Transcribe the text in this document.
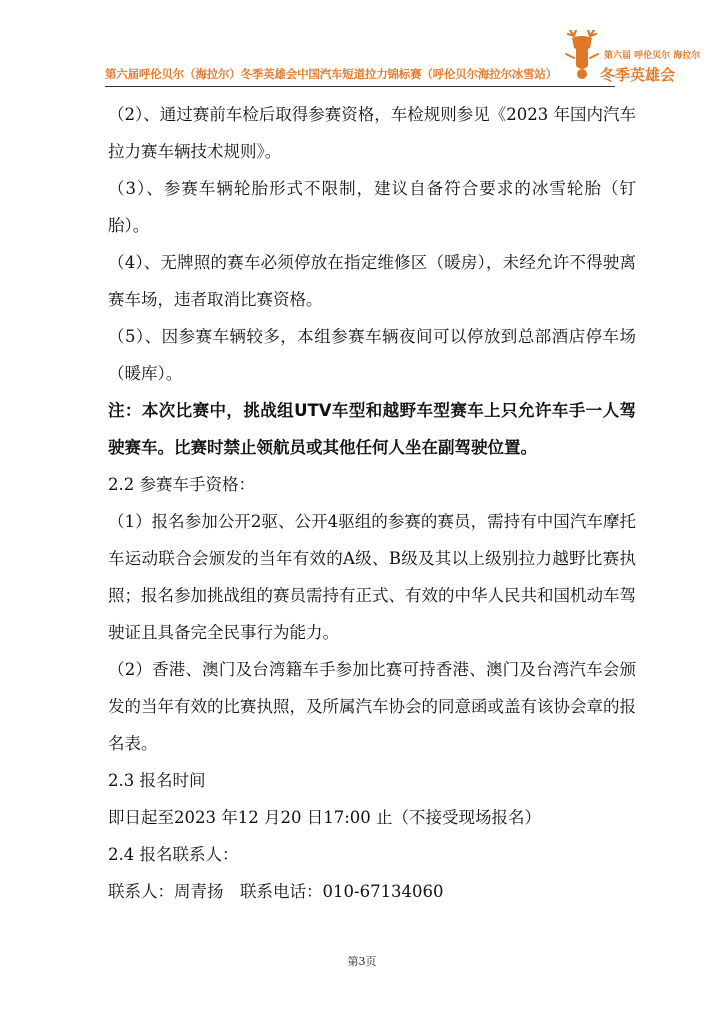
第六届呼伦贝尔（海拉尔）冬季英雄会中国汽车短道拉力锦标赛（呼伦贝尔海拉尔冰雪站）
第六届 呼伦贝尔 海拉尔
冬季英雄会

（2）、通过赛前车检后取得参赛资格，车检规则参见《2023 年国内汽车拉力赛车辆技术规则》。

（3）、参赛车辆轮胎形式不限制，建议自备符合要求的冰雪轮胎（钉胎）。

（4）、无牌照的赛车必须停放在指定维修区（暖房），未经允许不得驶离赛车场，违者取消比赛资格。

（5）、因参赛车辆较多，本组参赛车辆夜间可以停放到总部酒店停车场（暖库）。

注：本次比赛中，挑战组UTV车型和越野车型赛车上只允许车手一人驾驶赛车。比赛时禁止领航员或其他任何人坐在副驾驶位置。

2.2 参赛车手资格：

（1）报名参加公开2驱、公开4驱组的参赛的赛员，需持有中国汽车摩托车运动联合会颁发的当年有效的A级、B级及其以上级别拉力越野比赛执照；报名参加挑战组的赛员需持有正式、有效的中华人民共和国机动车驾驶证且具备完全民事行为能力。

（2）香港、澳门及台湾籍车手参加比赛可持香港、澳门及台湾汽车会颁发的当年有效的比赛执照，及所属汽车协会的同意函或盖有该协会章的报名表。

2.3 报名时间

即日起至2023 年12 月20 日17:00 止（不接受现场报名）

2.4 报名联系人：

联系人：周青扬　联系电话：010-67134060

第3页
